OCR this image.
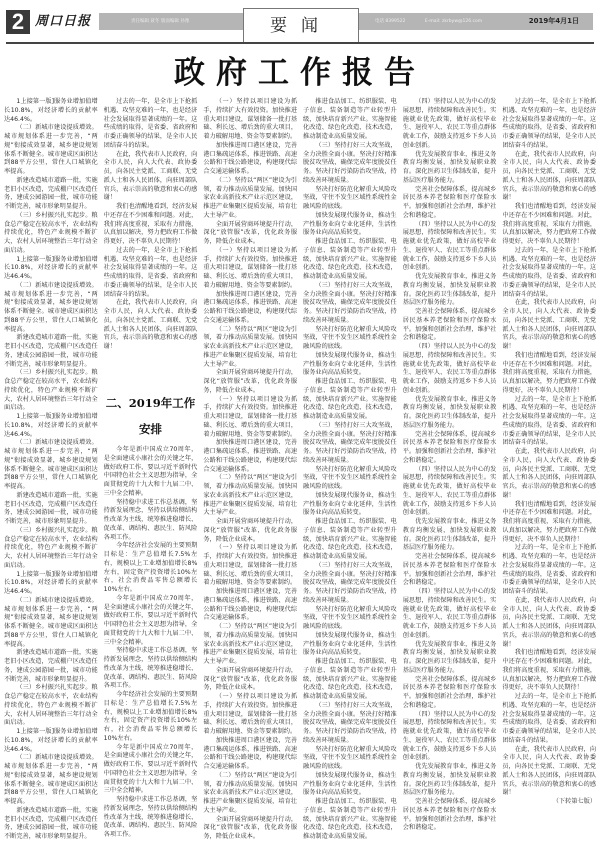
2 周口日报	责任编辑 聂冬 版面编辑 孙豫	电话 8399522	E-mail: zkrbyw@126.com	2019年4月1日
要闻
政府工作报告

1上接第一版]服务业增加值增长10.8%，对经济增长的贡献率达46.4%。

（二）新城市建设提质增效。城市规划体系进一步完善，“两规”衔接成效显著，城乡建设规划体系不断健全。城市建成区面积达到88平方公里，常住人口城镇化率提高。

新建改造城市道路一批，实施老旧小区改造，完成棚户区改造任务，建成公园游园一批，城市功能不断完善，城市形象明显提升。

（三）乡村振兴扎实起步。粮食总产稳定在较高水平，农业结构持续优化，特色产业规模不断扩大，农村人居环境整治三年行动全面启动。

1上接第一版]服务业增加值增长10.8%，对经济增长的贡献率达46.4%。

（二）新城市建设提质增效。城市规划体系进一步完善，“两规”衔接成效显著，城乡建设规划体系不断健全。城市建成区面积达到88平方公里，常住人口城镇化率提高。

新建改造城市道路一批，实施老旧小区改造，完成棚户区改造任务，建成公园游园一批，城市功能不断完善，城市形象明显提升。

（三）乡村振兴扎实起步。粮食总产稳定在较高水平，农业结构持续优化，特色产业规模不断扩大，农村人居环境整治三年行动全面启动。

1上接第一版]服务业增加值增长10.8%，对经济增长的贡献率达46.4%。

（二）新城市建设提质增效。城市规划体系进一步完善，“两规”衔接成效显著，城乡建设规划体系不断健全。城市建成区面积达到88平方公里，常住人口城镇化率提高。

新建改造城市道路一批，实施老旧小区改造，完成棚户区改造任务，建成公园游园一批，城市功能不断完善，城市形象明显提升。

（三）乡村振兴扎实起步。粮食总产稳定在较高水平，农业结构持续优化，特色产业规模不断扩大，农村人居环境整治三年行动全面启动。

1上接第一版]服务业增加值增长10.8%，对经济增长的贡献率达46.4%。

（二）新城市建设提质增效。城市规划体系进一步完善，“两规”衔接成效显著，城乡建设规划体系不断健全。城市建成区面积达到88平方公里，常住人口城镇化率提高。

新建改造城市道路一批，实施老旧小区改造，完成棚户区改造任务，建成公园游园一批，城市功能不断完善，城市形象明显提升。

（三）乡村振兴扎实起步。粮食总产稳定在较高水平，农业结构持续优化，特色产业规模不断扩大，农村人居环境整治三年行动全面启动。

1上接第一版]服务业增加值增长10.8%，对经济增长的贡献率达46.4%。

（二）新城市建设提质增效。城市规划体系进一步完善，“两规”衔接成效显著，城乡建设规划体系不断健全。城市建成区面积达到88平方公里，常住人口城镇化率提高。

新建改造城市道路一批，实施老旧小区改造，完成棚户区改造任务，建成公园游园一批，城市功能不断完善，城市形象明显提升。

过去的一年，是全市上下抢抓机遇、攻坚克难的一年，也是经济社会发展取得显著成绩的一年。这些成绩的取得，是省委、省政府和市委正确领导的结果，是全市人民团结奋斗的结果。

在此，我代表市人民政府，向全市人民，向人大代表、政协委员，向各民主党派、工商联、无党派人士和各人民团体，向驻周部队官兵，表示崇高的敬意和衷心的感谢！

我们也清醒地看到，经济发展中还存在不少困难和问题。对此，我们将高度重视，采取有力措施，认真加以解决，努力把政府工作做得更好，决不辜负人民期待！

过去的一年，是全市上下抢抓机遇、攻坚克难的一年，也是经济社会发展取得显著成绩的一年。这些成绩的取得，是省委、省政府和市委正确领导的结果，是全市人民团结奋斗的结果。

在此，我代表市人民政府，向全市人民，向人大代表、政协委员，向各民主党派、工商联、无党派人士和各人民团体，向驻周部队官兵，表示崇高的敬意和衷心的感谢！

二、2019年工作安排

今年是新中国成立70周年，是全面建成小康社会的关键之年，做好政府工作，要以习近平新时代中国特色社会主义思想为指导，全面贯彻党的十九大和十九届二中、三中全会精神。

坚持稳中求进工作总基调，坚持新发展理念，坚持以供给侧结构性改革为主线，统筹推进稳增长、促改革、调结构、惠民生、防风险各项工作。

今年经济社会发展的主要预期目标是：生产总值增长7.5%左右，规模以上工业增加值增长8%左右，固定资产投资增长10%左右，社会消费品零售总额增长10%左右。

今年是新中国成立70周年，是全面建成小康社会的关键之年，做好政府工作，要以习近平新时代中国特色社会主义思想为指导，全面贯彻党的十九大和十九届二中、三中全会精神。

坚持稳中求进工作总基调，坚持新发展理念，坚持以供给侧结构性改革为主线，统筹推进稳增长、促改革、调结构、惠民生、防风险各项工作。

今年经济社会发展的主要预期目标是：生产总值增长7.5%左右，规模以上工业增加值增长8%左右，固定资产投资增长10%左右，社会消费品零售总额增长10%左右。

今年是新中国成立70周年，是全面建成小康社会的关键之年，做好政府工作，要以习近平新时代中国特色社会主义思想为指导，全面贯彻党的十九大和十九届二中、三中全会精神。

坚持稳中求进工作总基调，坚持新发展理念，坚持以供给侧结构性改革为主线，统筹推进稳增长、促改革、调结构、惠民生、防风险各项工作。

（一）坚持以项目建设为抓手，持续扩大有效投资。加快推进重大项目建设，谋划储备一批打基础、利长远、增后劲的重大项目，着力破解用地、资金等要素制约。

加快推进周口港区建设，完善港口集疏运体系，推进铁路、高速公路和干线公路建设，构建现代综合交通运输体系。

（二）坚持以“两区”建设为引领，着力推动高质量发展。加快国家农业高新技术产业示范区建设，推进产业集聚区提质发展，培育壮大主导产业。

全面开展营商环境提升行动，深化“放管服”改革，优化政务服务，降低企业成本。

（一）坚持以项目建设为抓手，持续扩大有效投资。加快推进重大项目建设，谋划储备一批打基础、利长远、增后劲的重大项目，着力破解用地、资金等要素制约。

加快推进周口港区建设，完善港口集疏运体系，推进铁路、高速公路和干线公路建设，构建现代综合交通运输体系。

（二）坚持以“两区”建设为引领，着力推动高质量发展。加快国家农业高新技术产业示范区建设，推进产业集聚区提质发展，培育壮大主导产业。

全面开展营商环境提升行动，深化“放管服”改革，优化政务服务，降低企业成本。

（一）坚持以项目建设为抓手，持续扩大有效投资。加快推进重大项目建设，谋划储备一批打基础、利长远、增后劲的重大项目，着力破解用地、资金等要素制约。

加快推进周口港区建设，完善港口集疏运体系，推进铁路、高速公路和干线公路建设，构建现代综合交通运输体系。

（二）坚持以“两区”建设为引领，着力推动高质量发展。加快国家农业高新技术产业示范区建设，推进产业集聚区提质发展，培育壮大主导产业。

全面开展营商环境提升行动，深化“放管服”改革，优化政务服务，降低企业成本。

（一）坚持以项目建设为抓手，持续扩大有效投资。加快推进重大项目建设，谋划储备一批打基础、利长远、增后劲的重大项目，着力破解用地、资金等要素制约。

加快推进周口港区建设，完善港口集疏运体系，推进铁路、高速公路和干线公路建设，构建现代综合交通运输体系。

（二）坚持以“两区”建设为引领，着力推动高质量发展。加快国家农业高新技术产业示范区建设，推进产业集聚区提质发展，培育壮大主导产业。

全面开展营商环境提升行动，深化“放管服”改革，优化政务服务，降低企业成本。

（一）坚持以项目建设为抓手，持续扩大有效投资。加快推进重大项目建设，谋划储备一批打基础、利长远、增后劲的重大项目，着力破解用地、资金等要素制约。

加快推进周口港区建设，完善港口集疏运体系，推进铁路、高速公路和干线公路建设，构建现代综合交通运输体系。

（二）坚持以“两区”建设为引领，着力推动高质量发展。加快国家农业高新技术产业示范区建设，推进产业集聚区提质发展，培育壮大主导产业。

全面开展营商环境提升行动，深化“放管服”改革，优化政务服务，降低企业成本。

推进食品加工、纺织服装、电子信息、装备制造等产业转型升级，加快培育新兴产业。实施智能化改造、绿色化改造、技术改造，推动制造业高质量发展。

（三）坚持打好三大攻坚战，全力决胜全面小康。坚决打好精准脱贫攻坚战，确保完成年度脱贫任务。坚决打好污染防治攻坚战，持续改善环境质量。

坚决打好防范化解重大风险攻坚战，守住不发生区域性系统性金融风险的底线。

加快发展现代服务业，推动生产性服务业向专业化延伸，生活性服务业向高品质转变。

推进食品加工、纺织服装、电子信息、装备制造等产业转型升级，加快培育新兴产业。实施智能化改造、绿色化改造、技术改造，推动制造业高质量发展。

（三）坚持打好三大攻坚战，全力决胜全面小康。坚决打好精准脱贫攻坚战，确保完成年度脱贫任务。坚决打好污染防治攻坚战，持续改善环境质量。

坚决打好防范化解重大风险攻坚战，守住不发生区域性系统性金融风险的底线。

加快发展现代服务业，推动生产性服务业向专业化延伸，生活性服务业向高品质转变。

推进食品加工、纺织服装、电子信息、装备制造等产业转型升级，加快培育新兴产业。实施智能化改造、绿色化改造、技术改造，推动制造业高质量发展。

（三）坚持打好三大攻坚战，全力决胜全面小康。坚决打好精准脱贫攻坚战，确保完成年度脱贫任务。坚决打好污染防治攻坚战，持续改善环境质量。

坚决打好防范化解重大风险攻坚战，守住不发生区域性系统性金融风险的底线。

加快发展现代服务业，推动生产性服务业向专业化延伸，生活性服务业向高品质转变。

推进食品加工、纺织服装、电子信息、装备制造等产业转型升级，加快培育新兴产业。实施智能化改造、绿色化改造、技术改造，推动制造业高质量发展。

（三）坚持打好三大攻坚战，全力决胜全面小康。坚决打好精准脱贫攻坚战，确保完成年度脱贫任务。坚决打好污染防治攻坚战，持续改善环境质量。

坚决打好防范化解重大风险攻坚战，守住不发生区域性系统性金融风险的底线。

加快发展现代服务业，推动生产性服务业向专业化延伸，生活性服务业向高品质转变。

推进食品加工、纺织服装、电子信息、装备制造等产业转型升级，加快培育新兴产业。实施智能化改造、绿色化改造、技术改造，推动制造业高质量发展。

（三）坚持打好三大攻坚战，全力决胜全面小康。坚决打好精准脱贫攻坚战，确保完成年度脱贫任务。坚决打好污染防治攻坚战，持续改善环境质量。

坚决打好防范化解重大风险攻坚战，守住不发生区域性系统性金融风险的底线。

加快发展现代服务业，推动生产性服务业向专业化延伸，生活性服务业向高品质转变。

推进食品加工、纺织服装、电子信息、装备制造等产业转型升级，加快培育新兴产业。实施智能化改造、绿色化改造、技术改造，推动制造业高质量发展。

（四）坚持以人民为中心的发展思想，持续保障和改善民生。实施就业优先政策，做好高校毕业生、退役军人、农民工等重点群体就业工作，鼓励支持返乡下乡人员创业创新。

优先发展教育事业，推进义务教育均衡发展，加快发展职业教育。深化医药卫生体制改革，提升基层医疗服务能力。

完善社会保障体系，提高城乡居民基本养老保险和医疗保险水平。加强和创新社会治理，维护社会和谐稳定。

（四）坚持以人民为中心的发展思想，持续保障和改善民生。实施就业优先政策，做好高校毕业生、退役军人、农民工等重点群体就业工作，鼓励支持返乡下乡人员创业创新。

优先发展教育事业，推进义务教育均衡发展，加快发展职业教育。深化医药卫生体制改革，提升基层医疗服务能力。

完善社会保障体系，提高城乡居民基本养老保险和医疗保险水平。加强和创新社会治理，维护社会和谐稳定。

（四）坚持以人民为中心的发展思想，持续保障和改善民生。实施就业优先政策，做好高校毕业生、退役军人、农民工等重点群体就业工作，鼓励支持返乡下乡人员创业创新。

优先发展教育事业，推进义务教育均衡发展，加快发展职业教育。深化医药卫生体制改革，提升基层医疗服务能力。

完善社会保障体系，提高城乡居民基本养老保险和医疗保险水平。加强和创新社会治理，维护社会和谐稳定。

（四）坚持以人民为中心的发展思想，持续保障和改善民生。实施就业优先政策，做好高校毕业生、退役军人、农民工等重点群体就业工作，鼓励支持返乡下乡人员创业创新。

优先发展教育事业，推进义务教育均衡发展，加快发展职业教育。深化医药卫生体制改革，提升基层医疗服务能力。

完善社会保障体系，提高城乡居民基本养老保险和医疗保险水平。加强和创新社会治理，维护社会和谐稳定。

（四）坚持以人民为中心的发展思想，持续保障和改善民生。实施就业优先政策，做好高校毕业生、退役军人、农民工等重点群体就业工作，鼓励支持返乡下乡人员创业创新。

优先发展教育事业，推进义务教育均衡发展，加快发展职业教育。深化医药卫生体制改革，提升基层医疗服务能力。

完善社会保障体系，提高城乡居民基本养老保险和医疗保险水平。加强和创新社会治理，维护社会和谐稳定。

（四）坚持以人民为中心的发展思想，持续保障和改善民生。实施就业优先政策，做好高校毕业生、退役军人、农民工等重点群体就业工作，鼓励支持返乡下乡人员创业创新。

优先发展教育事业，推进义务教育均衡发展，加快发展职业教育。深化医药卫生体制改革，提升基层医疗服务能力。

完善社会保障体系，提高城乡居民基本养老保险和医疗保险水平。加强和创新社会治理，维护社会和谐稳定。

过去的一年，是全市上下抢抓机遇、攻坚克难的一年，也是经济社会发展取得显著成绩的一年。这些成绩的取得，是省委、省政府和市委正确领导的结果，是全市人民团结奋斗的结果。

在此，我代表市人民政府，向全市人民，向人大代表、政协委员，向各民主党派、工商联、无党派人士和各人民团体，向驻周部队官兵，表示崇高的敬意和衷心的感谢！

我们也清醒地看到，经济发展中还存在不少困难和问题。对此，我们将高度重视，采取有力措施，认真加以解决，努力把政府工作做得更好，决不辜负人民期待！

过去的一年，是全市上下抢抓机遇、攻坚克难的一年，也是经济社会发展取得显著成绩的一年。这些成绩的取得，是省委、省政府和市委正确领导的结果，是全市人民团结奋斗的结果。

在此，我代表市人民政府，向全市人民，向人大代表、政协委员，向各民主党派、工商联、无党派人士和各人民团体，向驻周部队官兵，表示崇高的敬意和衷心的感谢！

我们也清醒地看到，经济发展中还存在不少困难和问题。对此，我们将高度重视，采取有力措施，认真加以解决，努力把政府工作做得更好，决不辜负人民期待！

过去的一年，是全市上下抢抓机遇、攻坚克难的一年，也是经济社会发展取得显著成绩的一年。这些成绩的取得，是省委、省政府和市委正确领导的结果，是全市人民团结奋斗的结果。

在此，我代表市人民政府，向全市人民，向人大代表、政协委员，向各民主党派、工商联、无党派人士和各人民团体，向驻周部队官兵，表示崇高的敬意和衷心的感谢！

我们也清醒地看到，经济发展中还存在不少困难和问题。对此，我们将高度重视，采取有力措施，认真加以解决，努力把政府工作做得更好，决不辜负人民期待！

过去的一年，是全市上下抢抓机遇、攻坚克难的一年，也是经济社会发展取得显著成绩的一年。这些成绩的取得，是省委、省政府和市委正确领导的结果，是全市人民团结奋斗的结果。

在此，我代表市人民政府，向全市人民，向人大代表、政协委员，向各民主党派、工商联、无党派人士和各人民团体，向驻周部队官兵，表示崇高的敬意和衷心的感谢！

我们也清醒地看到，经济发展中还存在不少困难和问题。对此，我们将高度重视，采取有力措施，认真加以解决，努力把政府工作做得更好，决不辜负人民期待！

过去的一年，是全市上下抢抓机遇、攻坚克难的一年，也是经济社会发展取得显著成绩的一年。这些成绩的取得，是省委、省政府和市委正确领导的结果，是全市人民团结奋斗的结果。

在此，我代表市人民政府，向全市人民，向人大代表、政协委员，向各民主党派、工商联、无党派人士和各人民团体，向驻周部队官兵，表示崇高的敬意和衷心的感谢！

（下转第七版）
